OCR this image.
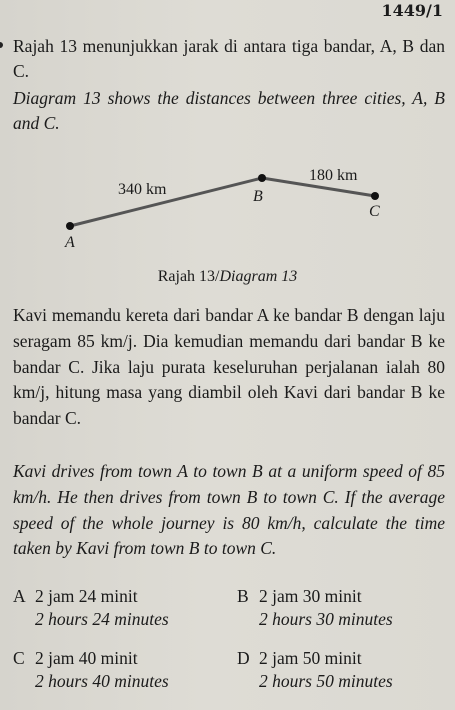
1449/1
Rajah 13 menunjukkan jarak di antara tiga bandar, A, B dan C.
Diagram 13 shows the distances between three cities, A, B and C.
340 km
180 km
A
B
C
Rajah 13/Diagram 13
Kavi memandu kereta dari bandar A ke bandar B dengan laju seragam 85 km/j. Dia kemudian memandu dari bandar B ke bandar C. Jika laju purata keseluruhan perjalanan ialah 80 km/j, hitung masa yang diambil oleh Kavi dari bandar B ke bandar C.
Kavi drives from town A to town B at a uniform speed of 85 km/h. He then drives from town B to town C. If the average speed of the whole journey is 80 km/h, calculate the time taken by Kavi from town B to town C.
A 2 jam 24 minit
2 hours 24 minutes
B 2 jam 30 minit
2 hours 30 minutes
C 2 jam 40 minit
2 hours 40 minutes
D 2 jam 50 minit
2 hours 50 minutes
